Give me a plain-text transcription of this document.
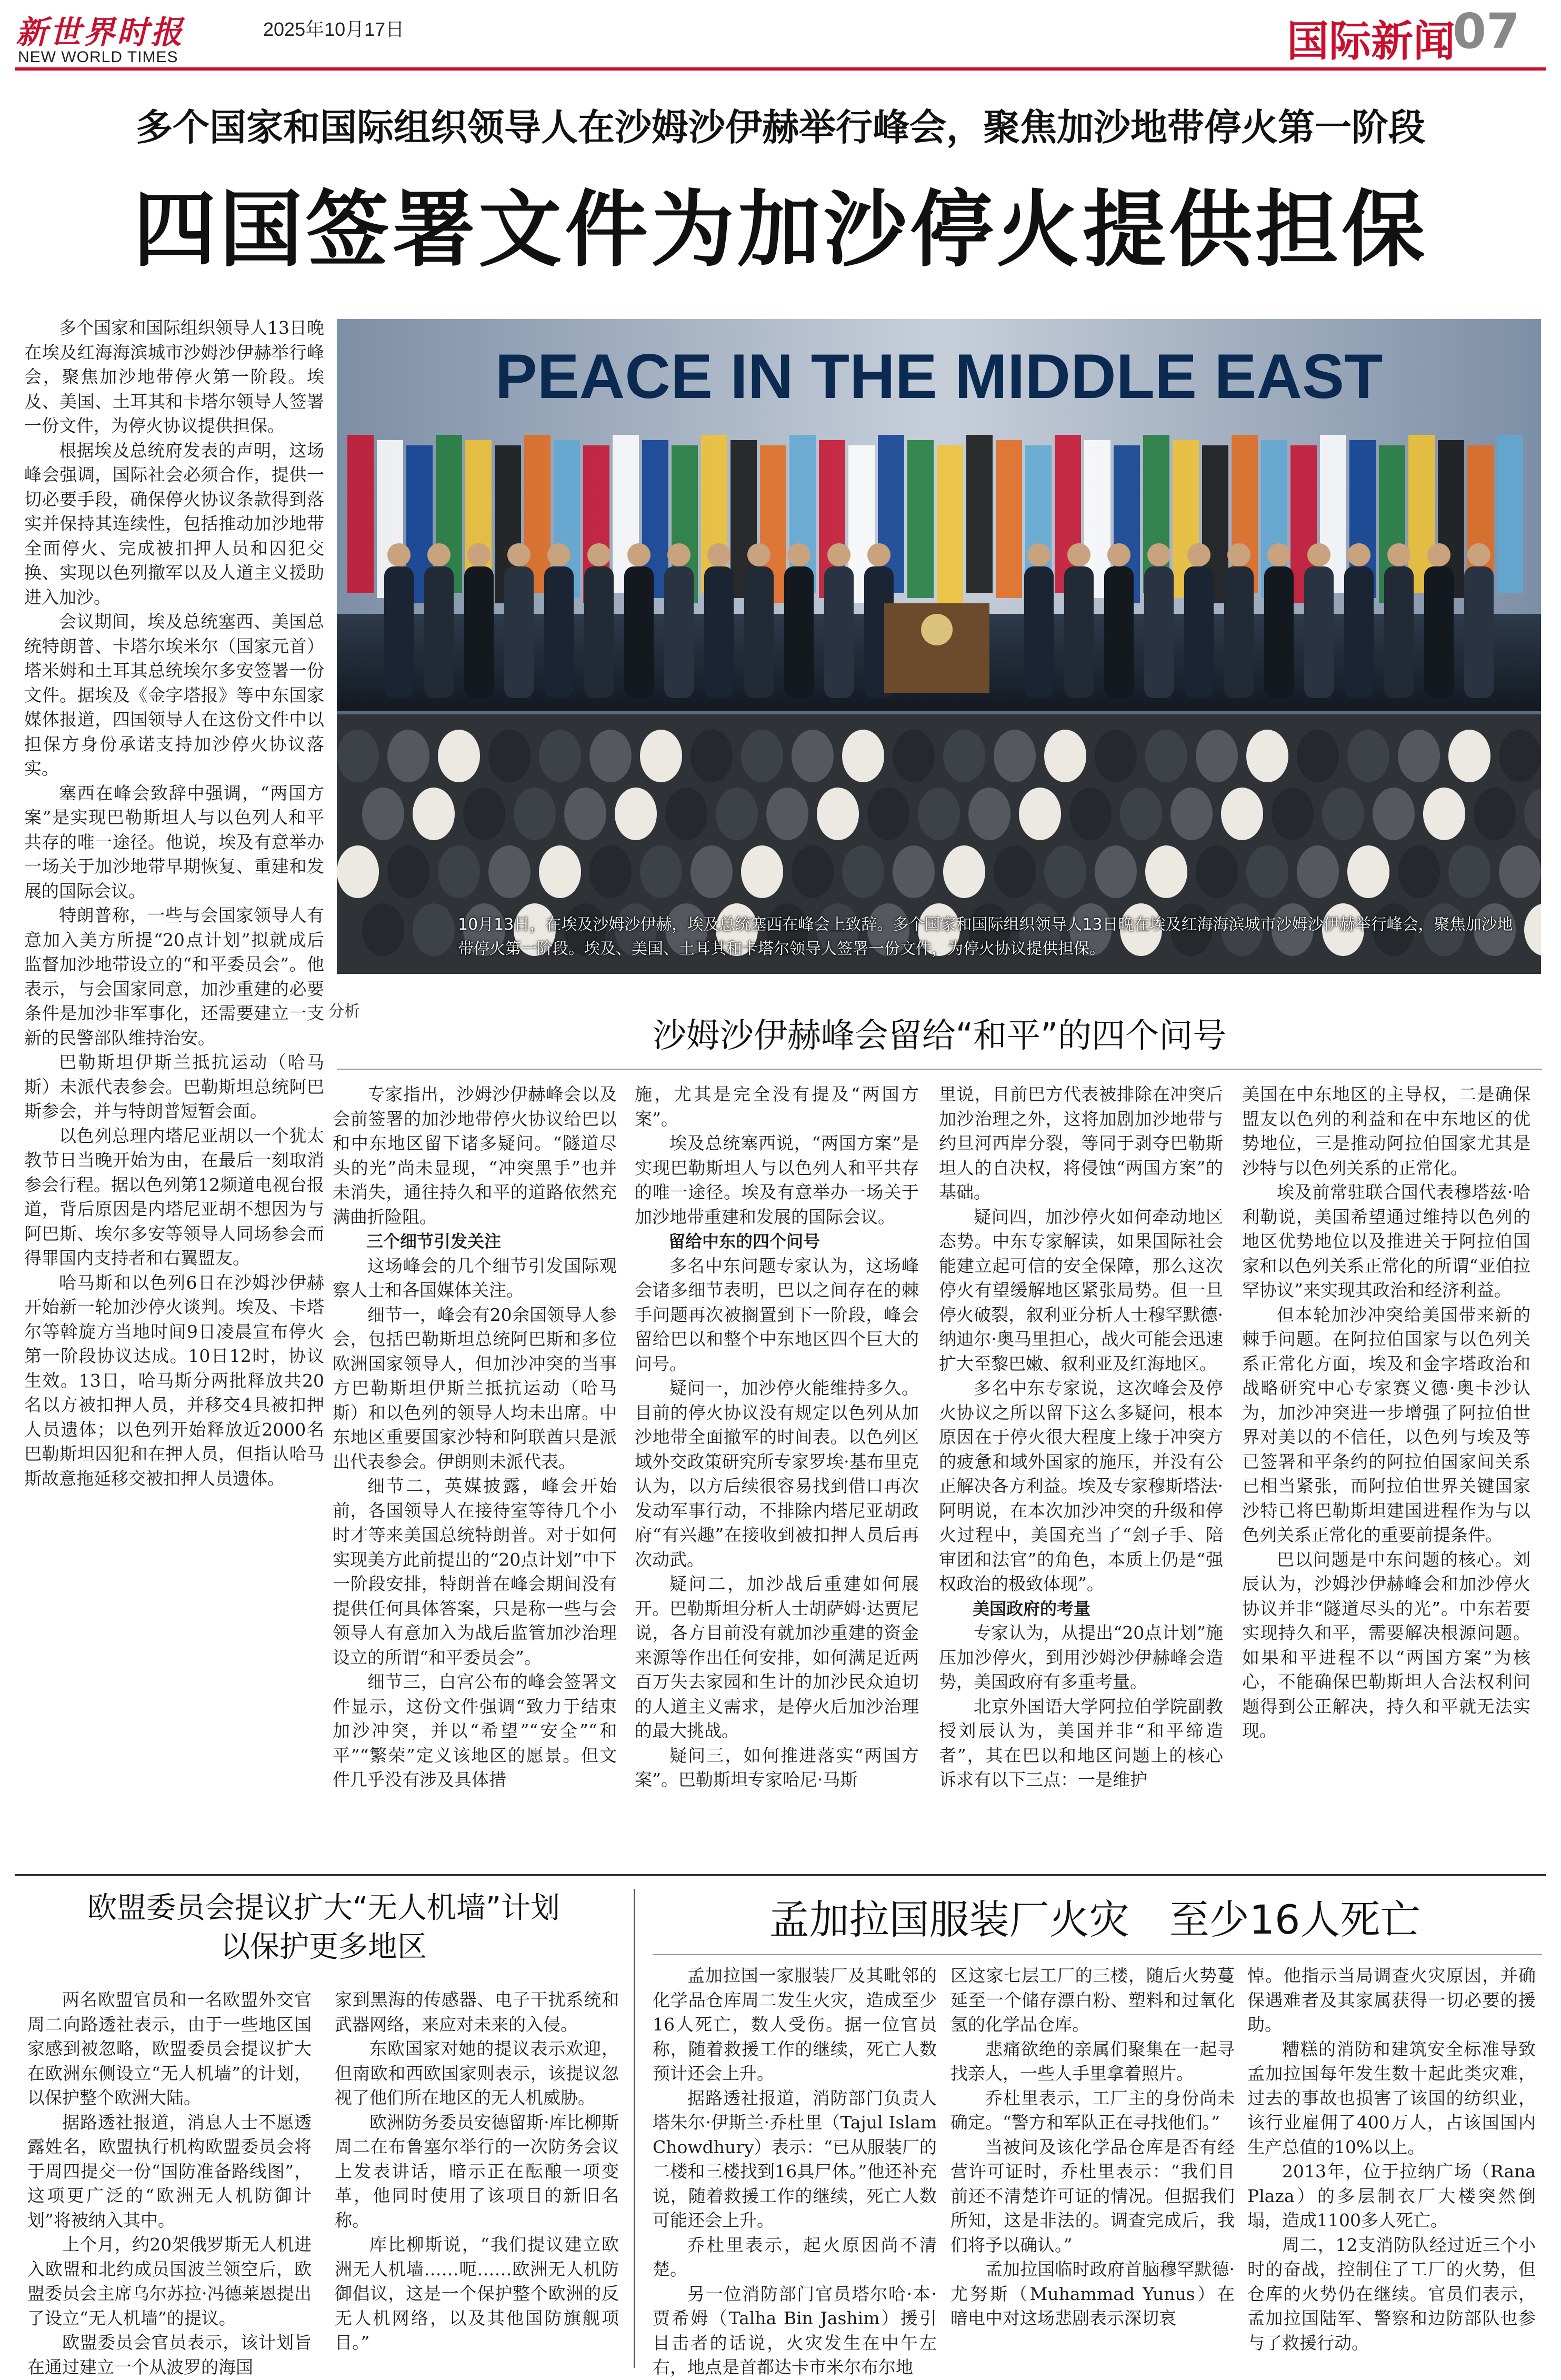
新世界时报
NEW WORLD TIMES
2025年10月17日	国际新闻
07
多个国家和国际组织领导人在沙姆沙伊赫举行峰会，聚焦加沙地带停火第一阶段
四国签署文件为加沙停火提供担保

多个国家和国际组织领导人13日晚在埃及红海海滨城市沙姆沙伊赫举行峰会，聚焦加沙地带停火第一阶段。埃及、美国、土耳其和卡塔尔领导人签署一份文件，为停火协议提供担保。

根据埃及总统府发表的声明，这场峰会强调，国际社会必须合作，提供一切必要手段，确保停火协议条款得到落实并保持其连续性，包括推动加沙地带全面停火、完成被扣押人员和囚犯交换、实现以色列撤军以及人道主义援助进入加沙。

会议期间，埃及总统塞西、美国总统特朗普、卡塔尔埃米尔（国家元首）塔米姆和土耳其总统埃尔多安签署一份文件。据埃及《金字塔报》等中东国家媒体报道，四国领导人在这份文件中以担保方身份承诺支持加沙停火协议落实。

塞西在峰会致辞中强调，“两国方案”是实现巴勒斯坦人与以色列人和平共存的唯一途径。他说，埃及有意举办一场关于加沙地带早期恢复、重建和发展的国际会议。

特朗普称，一些与会国家领导人有意加入美方所提“20点计划”拟就成后监督加沙地带设立的“和平委员会”。他表示，与会国家同意，加沙重建的必要条件是加沙非军事化，还需要建立一支新的民警部队维持治安。

巴勒斯坦伊斯兰抵抗运动（哈马斯）未派代表参会。巴勒斯坦总统阿巴斯参会，并与特朗普短暂会面。

以色列总理内塔尼亚胡以一个犹太教节日当晚开始为由，在最后一刻取消参会行程。据以色列第12频道电视台报道，背后原因是内塔尼亚胡不想因为与阿巴斯、埃尔多安等领导人同场参会而得罪国内支持者和右翼盟友。

哈马斯和以色列6日在沙姆沙伊赫开始新一轮加沙停火谈判。埃及、卡塔尔等斡旋方当地时间9日凌晨宣布停火第一阶段协议达成。10日12时，协议生效。13日，哈马斯分两批释放共20名以方被扣押人员，并移交4具被扣押人员遗体；以色列开始释放近2000名巴勒斯坦囚犯和在押人员，但指认哈马斯故意拖延移交被扣押人员遗体。

PEACE IN THE MIDDLE EAST
10月13日，在埃及沙姆沙伊赫，埃及总统塞西在峰会上致辞。多个国家和国际组织领导人13日晚在埃及红海海滨城市沙姆沙伊赫举行峰会，聚焦加沙地带停火第一阶段。埃及、美国、土耳其和卡塔尔领导人签署一份文件，为停火协议提供担保。
分析
沙姆沙伊赫峰会留给“和平”的四个问号

专家指出，沙姆沙伊赫峰会以及会前签署的加沙地带停火协议给巴以和中东地区留下诸多疑问。“隧道尽头的光”尚未显现，“冲突黑手”也并未消失，通往持久和平的道路依然充满曲折险阻。

三个细节引发关注

这场峰会的几个细节引发国际观察人士和各国媒体关注。

细节一，峰会有20余国领导人参会，包括巴勒斯坦总统阿巴斯和多位欧洲国家领导人，但加沙冲突的当事方巴勒斯坦伊斯兰抵抗运动（哈马斯）和以色列的领导人均未出席。中东地区重要国家沙特和阿联酋只是派出代表参会。伊朗则未派代表。

细节二，英媒披露，峰会开始前，各国领导人在接待室等待几个小时才等来美国总统特朗普。对于如何实现美方此前提出的“20点计划”中下一阶段安排，特朗普在峰会期间没有提供任何具体答案，只是称一些与会领导人有意加入为战后监管加沙治理设立的所谓“和平委员会”。

细节三，白宫公布的峰会签署文件显示，这份文件强调“致力于结束加沙冲突，并以“希望”“安全”“和平”“繁荣”定义该地区的愿景。但文件几乎没有涉及具体措

施，尤其是完全没有提及“两国方案”。

埃及总统塞西说，“两国方案”是实现巴勒斯坦人与以色列人和平共存的唯一途径。埃及有意举办一场关于加沙地带重建和发展的国际会议。

留给中东的四个问号

多名中东问题专家认为，这场峰会诸多细节表明，巴以之间存在的棘手问题再次被搁置到下一阶段，峰会留给巴以和整个中东地区四个巨大的问号。

疑问一，加沙停火能维持多久。目前的停火协议没有规定以色列从加沙地带全面撤军的时间表。以色列区域外交政策研究所专家罗埃·基布里克认为，以方后续很容易找到借口再次发动军事行动，不排除内塔尼亚胡政府“有兴趣”在接收到被扣押人员后再次动武。

疑问二，加沙战后重建如何展开。巴勒斯坦分析人士胡萨姆·达贾尼说，各方目前没有就加沙重建的资金来源等作出任何安排，如何满足近两百万失去家园和生计的加沙民众迫切的人道主义需求，是停火后加沙治理的最大挑战。

疑问三，如何推进落实“两国方案”。巴勒斯坦专家哈尼·马斯

里说，目前巴方代表被排除在冲突后加沙治理之外，这将加剧加沙地带与约旦河西岸分裂，等同于剥夺巴勒斯坦人的自决权，将侵蚀“两国方案”的基础。

疑问四，加沙停火如何牵动地区态势。中东专家解读，如果国际社会能建立起可信的安全保障，那么这次停火有望缓解地区紧张局势。但一旦停火破裂，叙利亚分析人士穆罕默德·纳迪尔·奥马里担心，战火可能会迅速扩大至黎巴嫩、叙利亚及红海地区。

多名中东专家说，这次峰会及停火协议之所以留下这么多疑问，根本原因在于停火很大程度上缘于冲突方的疲惫和域外国家的施压，并没有公正解决各方利益。埃及专家穆斯塔法·阿明说，在本次加沙冲突的升级和停火过程中，美国充当了“刽子手、陪审团和法官”的角色，本质上仍是“强权政治的极致体现”。

美国政府的考量

专家认为，从提出“20点计划”施压加沙停火，到用沙姆沙伊赫峰会造势，美国政府有多重考量。

北京外国语大学阿拉伯学院副教授刘辰认为，美国并非“和平缔造者”，其在巴以和地区问题上的核心诉求有以下三点：一是维护

美国在中东地区的主导权，二是确保盟友以色列的利益和在中东地区的优势地位，三是推动阿拉伯国家尤其是沙特与以色列关系的正常化。

埃及前常驻联合国代表穆塔兹·哈利勒说，美国希望通过维持以色列的地区优势地位以及推进关于阿拉伯国家和以色列关系正常化的所谓“亚伯拉罕协议”来实现其政治和经济利益。

但本轮加沙冲突给美国带来新的棘手问题。在阿拉伯国家与以色列关系正常化方面，埃及和金字塔政治和战略研究中心专家赛义德·奥卡沙认为，加沙冲突进一步增强了阿拉伯世界对美以的不信任，以色列与埃及等已签署和平条约的阿拉伯国家间关系已相当紧张，而阿拉伯世界关键国家沙特已将巴勒斯坦建国进程作为与以色列关系正常化的重要前提条件。

巴以问题是中东问题的核心。刘辰认为，沙姆沙伊赫峰会和加沙停火协议并非“隧道尽头的光”。中东若要实现持久和平，需要解决根源问题。如果和平进程不以“两国方案”为核心，不能确保巴勒斯坦人合法权利问题得到公正解决，持久和平就无法实现。

欧盟委员会提议扩大“无人机墙”计划
以保护更多地区

两名欧盟官员和一名欧盟外交官周二向路透社表示，由于一些地区国家感到被忽略，欧盟委员会提议扩大在欧洲东侧设立“无人机墙”的计划，以保护整个欧洲大陆。

据路透社报道，消息人士不愿透露姓名，欧盟执行机构欧盟委员会将于周四提交一份“国防准备路线图”，这项更广泛的“欧洲无人机防御计划”将被纳入其中。

上个月，约20架俄罗斯无人机进入欧盟和北约成员国波兰领空后，欧盟委员会主席乌尔苏拉·冯德莱恩提出了设立“无人机墙”的提议。

欧盟委员会官员表示，该计划旨在通过建立一个从波罗的海国

家到黑海的传感器、电子干扰系统和武器网络，来应对未来的入侵。

东欧国家对她的提议表示欢迎，但南欧和西欧国家则表示，该提议忽视了他们所在地区的无人机威胁。

欧洲防务委员安德留斯·库比柳斯周二在布鲁塞尔举行的一次防务会议上发表讲话，暗示正在酝酿一项变革，他同时使用了该项目的新旧名称。

库比柳斯说，“我们提议建立欧洲无人机墙……呃……欧洲无人机防御倡议，这是一个保护整个欧洲的反无人机网络，以及其他国防旗舰项目。”

孟加拉国服装厂火灾　至少16人死亡

孟加拉国一家服装厂及其毗邻的化学品仓库周二发生火灾，造成至少16人死亡，数人受伤。据一位官员称，随着救援工作的继续，死亡人数预计还会上升。

据路透社报道，消防部门负责人塔朱尔·伊斯兰·乔杜里（Tajul Islam Chowdhury）表示：“已从服装厂的二楼和三楼找到16具尸体。”他还补充说，随着救援工作的继续，死亡人数可能还会上升。

乔杜里表示，起火原因尚不清楚。

另一位消防部门官员塔尔哈·本·贾希姆（Talha Bin Jashim）援引目击者的话说，火灾发生在中午左右，地点是首都达卡市米尔布尔地

区这家七层工厂的三楼，随后火势蔓延至一个储存漂白粉、塑料和过氧化氢的化学品仓库。

悲痛欲绝的亲属们聚集在一起寻找亲人，一些人手里拿着照片。

乔杜里表示，工厂主的身份尚未确定。“警方和军队正在寻找他们。”

当被问及该化学品仓库是否有经营许可证时，乔杜里表示：“我们目前还不清楚许可证的情况。但据我们所知，这是非法的。调查完成后，我们将予以确认。”

孟加拉国临时政府首脑穆罕默德·尤努斯（Muhammad Yunus）在暗电中对这场悲剧表示深切哀

悼。他指示当局调查火灾原因，并确保遇难者及其家属获得一切必要的援助。

糟糕的消防和建筑安全标准导致孟加拉国每年发生数十起此类灾难，过去的事故也损害了该国的纺织业，该行业雇佣了400万人，占该国国内生产总值的10%以上。

2013年，位于拉纳广场（Rana Plaza）的多层制衣厂大楼突然倒塌，造成1100多人死亡。

周二，12支消防队经过近三个小时的奋战，控制住了工厂的火势，但仓库的火势仍在继续。官员们表示，孟加拉国陆军、警察和边防部队也参与了救援行动。
